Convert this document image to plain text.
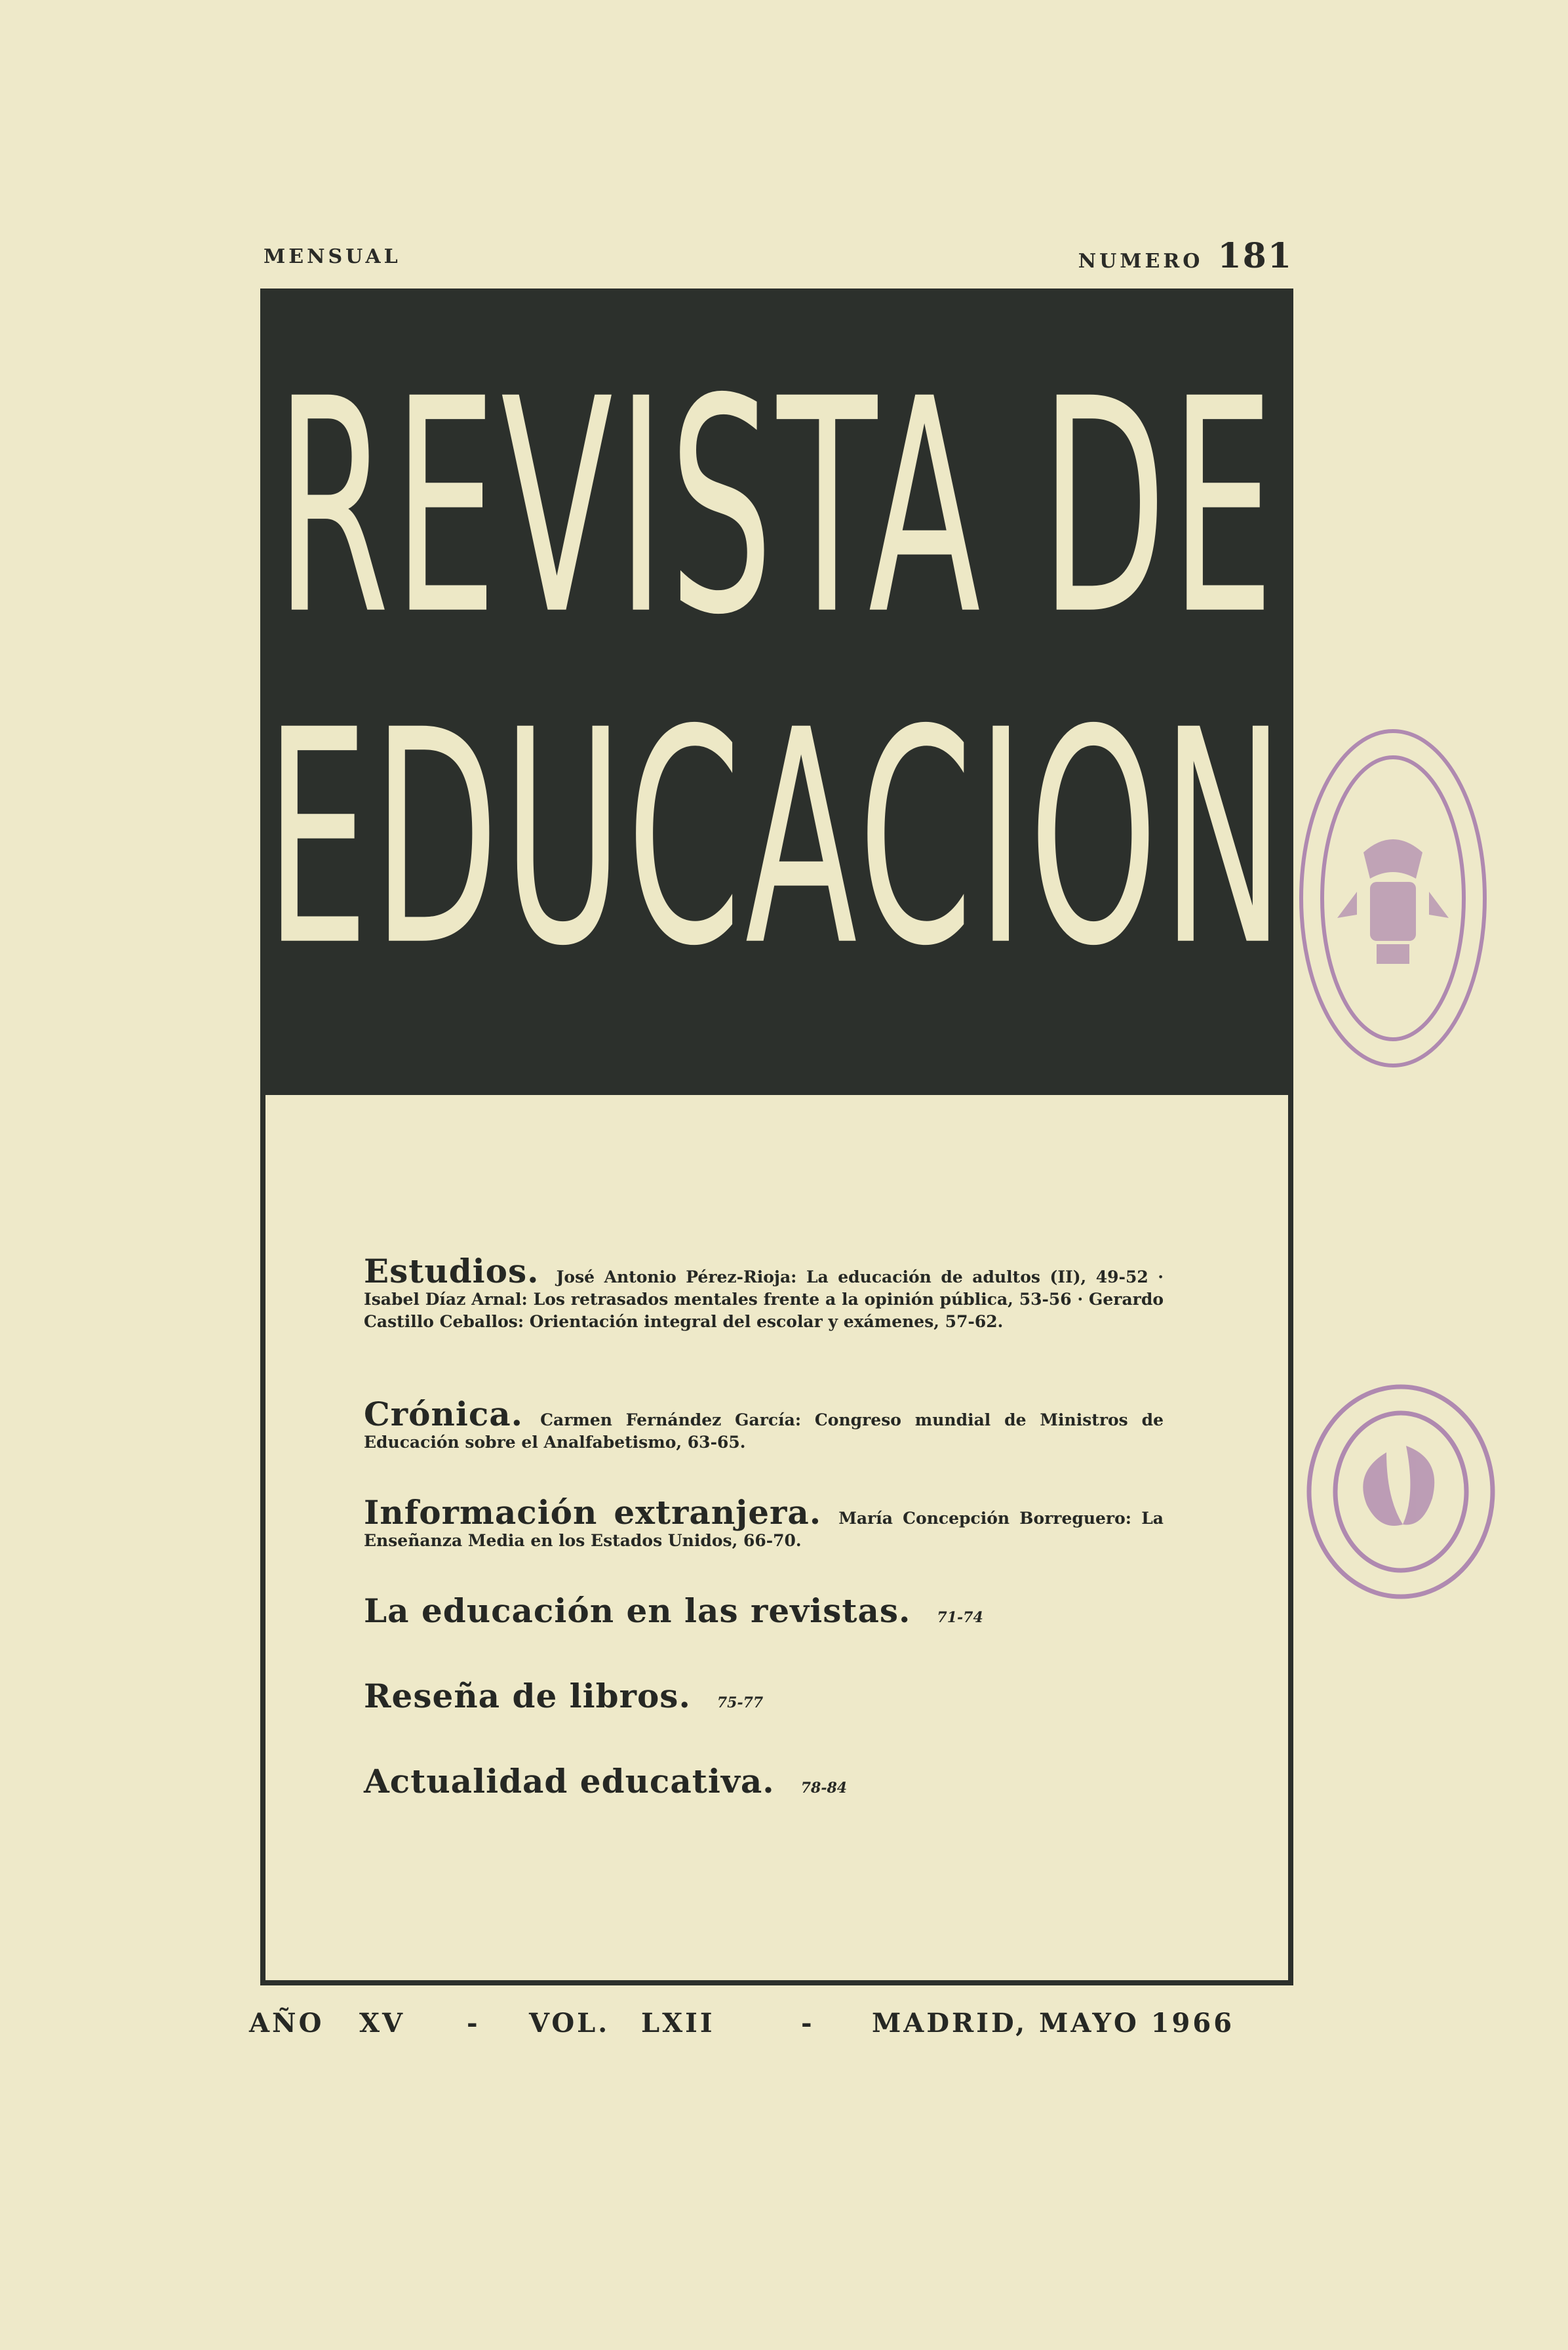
MENSUAL	NUMERO 181
REVISTA DE
EDUCACION
Estudios. José Antonio Pérez-Rioja: La educación de adultos (II), 49-52 · Isabel Díaz Arnal: Los retrasados mentales frente a la opinión pública, 53-56 · Gerardo Castillo Ceballos: Orientación integral del escolar y exámenes, 57-62.
Crónica. Carmen Fernández García: Congreso mundial de Ministros de Educación sobre el Analfabetismo, 63-65.
Información extranjera. María Concepción Borreguero: La Enseñanza Media en los Estados Unidos, 66-70.
La educación en las revistas. 71-74
Reseña de libros. 75-77
Actualidad educativa. 78-84
AÑO XV - VOL. LXII	- MADRID, MAYO 1966
